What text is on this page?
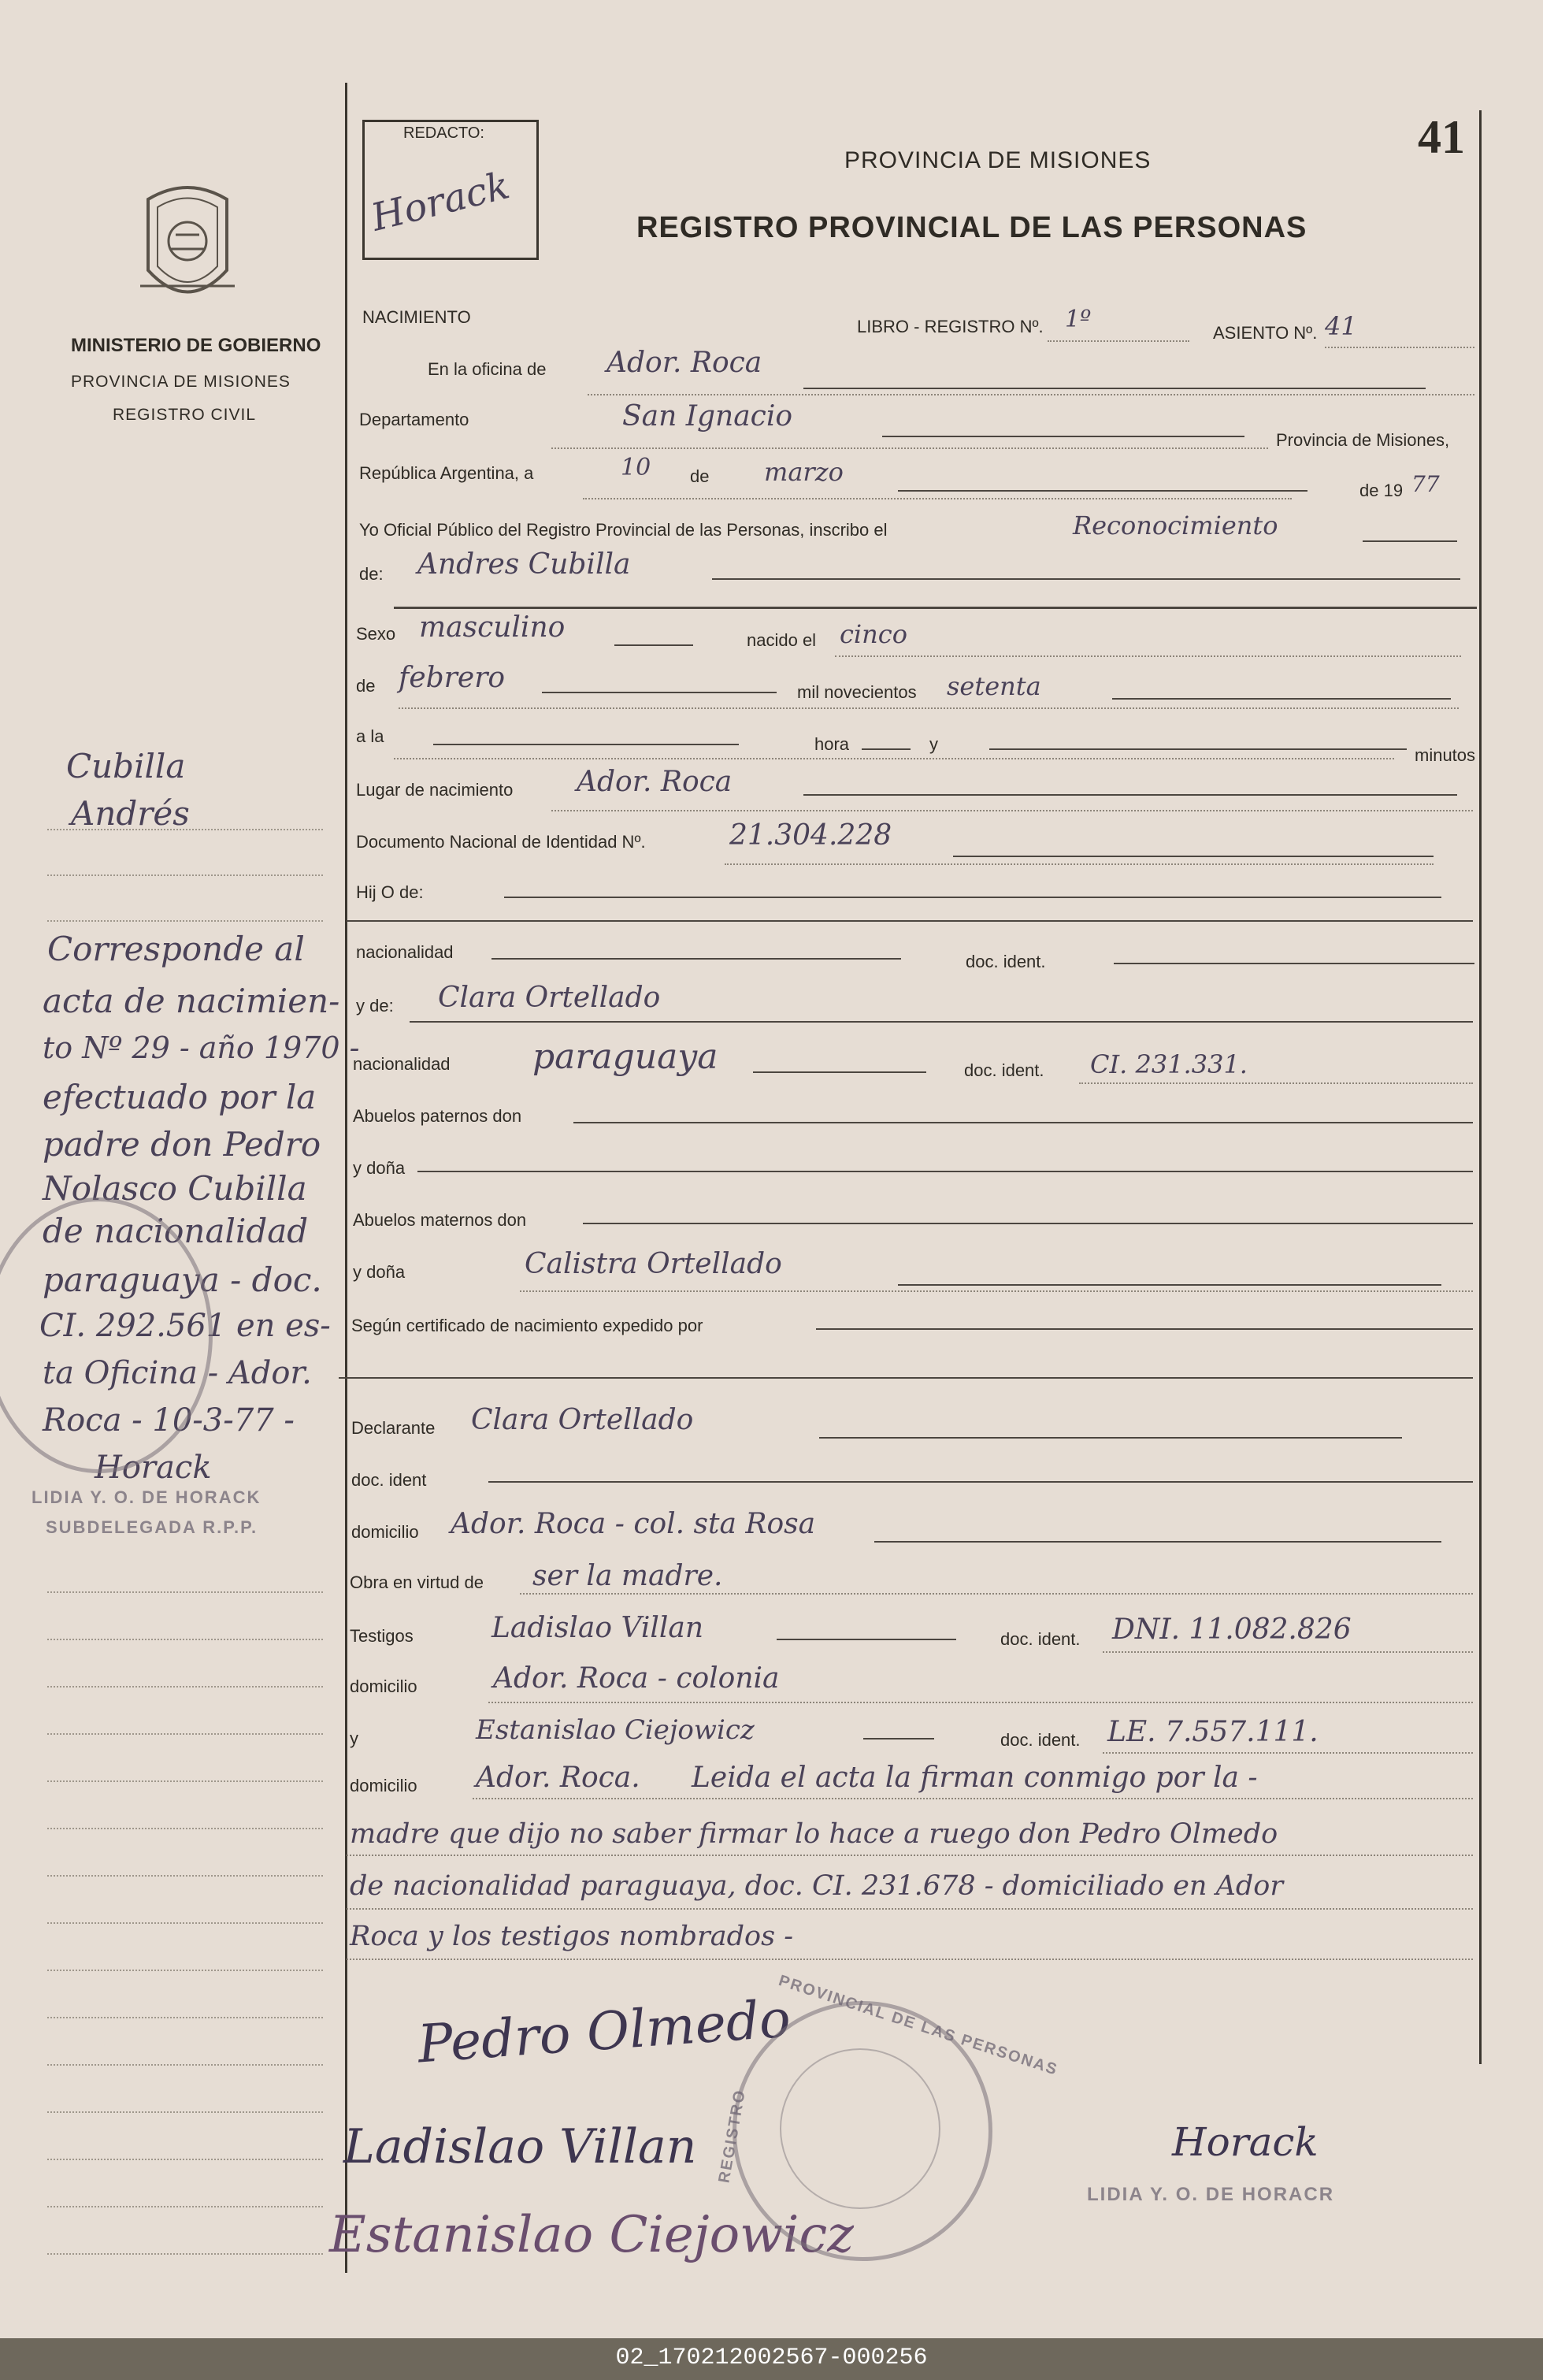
REDACTO:
Horack
MINISTERIO DE GOBIERNO
PROVINCIA DE MISIONES
REGISTRO CIVIL
PROVINCIA DE MISIONES
REGISTRO PROVINCIAL DE LAS PERSONAS
41
NACIMIENTO	LIBRO - REGISTRO Nº. 1º	ASIENTO Nº. 41
En la oficina de Ador. Roca
Departamento	San Ignacio
Provincia de Misiones,
República Argentina, a	10 de marzo
de 19 77
Yo Oficial Público del Registro Provincial de las Personas, inscribo el	Reconocimiento
de: Andres Cubilla
Sexo masculino	nacido el cinco
de febrero	mil novecientos setenta
a la	hora	y
minutos
Lugar de nacimiento Ador. Roca
Documento Nacional de Identidad Nº.	21.304.228
Hij O de:
nacionalidad	doc. ident.
y de: Clara Ortellado
nacionalidad paraguaya	doc. ident. CI. 231.331.
Abuelos paternos don
y doña
Abuelos maternos don
y doña	Calistra Ortellado
Según certificado de nacimiento expedido por
Declarante Clara Ortellado
doc. ident
domicilio Ador. Roca - col. sta Rosa
Obra en virtud de ser la madre.
Testigos	Ladislao Villan	doc. ident. DNI. 11.082.826
domicilio	Ador. Roca - colonia
y	Estanislao Ciejowicz	doc. ident. LE. 7.557.111.
domicilio Ador. Roca. Leida el acta la firman conmigo por la -
madre que dijo no saber firmar lo hace a ruego don Pedro Olmedo
de nacionalidad paraguaya, doc. CI. 231.678 - domiciliado en Ador
Roca y los testigos nombrados -
Pedro Olmedo
Ladislao Villan
Estanislao Ciejowicz
Horack
LIDIA Y. O. DE HORACR
PROVINCIAL DE LAS PERSONAS
REGISTRO
Cubilla
Andrés
Corresponde al
acta de nacimien-
to Nº 29 - año 1970 -
efectuado por la
padre don Pedro
Nolasco Cubilla
de nacionalidad
paraguaya - doc.
CI. 292.561 en es-
ta Oficina - Ador.
Roca - 10-3-77 -
Horack
LIDIA Y. O. DE HORACK
SUBDELEGADA R.P.P.
02_170212002567-000256
